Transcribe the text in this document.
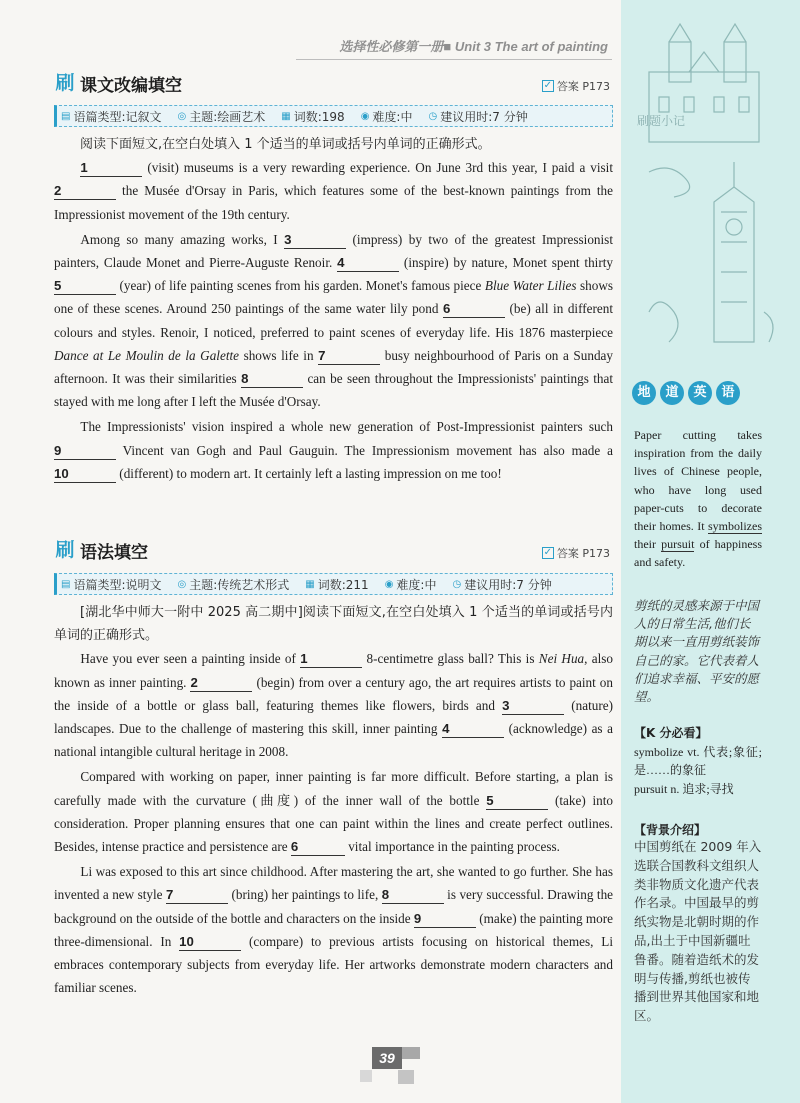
选择性必修第一册■ Unit 3 The art of painting
刷 课文改编填空	✓ 答案 P173
▤ 语篇类型:记叙文 ◎ 主题:绘画艺术 ▦ 词数:198 ◉ 难度:中 ◷ 建议用时:7 分钟

阅读下面短文,在空白处填入 1 个适当的单词或括号内单词的正确形式。

1	(visit) museums is a very rewarding experience. On June 3rd this year, I paid a visit 2	the Musée d'Orsay in Paris, which features some of the best-known paintings from the Impressionist movement of the 19th century.

Among so many amazing works, I 3	(impress) by two of the greatest Impressionist painters, Claude Monet and Pierre-Auguste Renoir. 4	(inspire) by nature, Monet spent thirty 5	(year) of life painting scenes from his garden. Monet's famous piece Blue Water Lilies shows one of these scenes. Around 250 paintings of the same water lily pond 6	(be) all in different colours and styles. Renoir, I noticed, preferred to paint scenes of everyday life. His 1876 masterpiece Dance at Le Moulin de la Galette shows life in 7	busy neighbourhood of Paris on a Sunday afternoon. It was their similarities 8	can be seen throughout the Impressionists' paintings that stayed with me long after I left the Musée d'Orsay.

The Impressionists' vision inspired a whole new generation of Post-Impressionist painters such 9	Vincent van Gogh and Paul Gauguin. The Impressionism movement has also made a 10	(different) to modern art. It certainly left a lasting impression on me too!

刷 语法填空	✓ 答案 P173
▤ 语篇类型:说明文 ◎ 主题:传统艺术形式 ▦ 词数:211 ◉ 难度:中 ◷ 建议用时:7 分钟

[湖北华中师大一附中 2025 高二期中]阅读下面短文,在空白处填入 1 个适当的单词或括号内单词的正确形式。

Have you ever seen a painting inside of 1	8-centimetre glass ball? This is Nei Hua, also known as inner painting. 2	(begin) from over a century ago, the art requires artists to paint on the inside of a bottle or glass ball, featuring themes like flowers, birds and 3	(nature) landscapes. Due to the challenge of mastering this skill, inner painting 4	(acknowledge) as a national intangible cultural heritage in 2008.

Compared with working on paper, inner painting is far more difficult. Before starting, a plan is carefully made with the curvature (曲度) of the inner wall of the bottle 5	(take) into consideration. Proper planning ensures that one can paint within the lines and create perfect outlines. Besides, intense practice and persistence are 6	vital importance in the painting process.

Li was exposed to this art since childhood. After mastering the art, she wanted to go further. She has invented a new style 7	(bring) her paintings to life, 8	is very successful. Drawing the background on the outside of the bottle and characters on the inside 9	(make) the painting more three-dimensional. In 10	(compare) to previous artists focusing on historical themes, Li embraces contemporary subjects from everyday life. Her artworks demonstrate modern characters and familiar scenes.

刷题小记
地	道	英	语
Paper cutting takes inspiration from the daily lives of Chinese people, who have long used paper-cuts to decorate their homes. It symbolizes their pursuit of happiness and safety.
剪纸的灵感来源于中国人的日常生活,他们长期以来一直用剪纸装饰自己的家。它代表着人们追求幸福、平安的愿望。
【K 分必看】
symbolize vt. 代表;象征;是……的象征
pursuit n. 追求;寻找
【背景介绍】
中国剪纸在 2009 年入选联合国教科文组织人类非物质文化遗产代表作名录。中国最早的剪纸实物是北朝时期的作品,出土于中国新疆吐鲁番。随着造纸术的发明与传播,剪纸也被传播到世界其他国家和地区。
39
